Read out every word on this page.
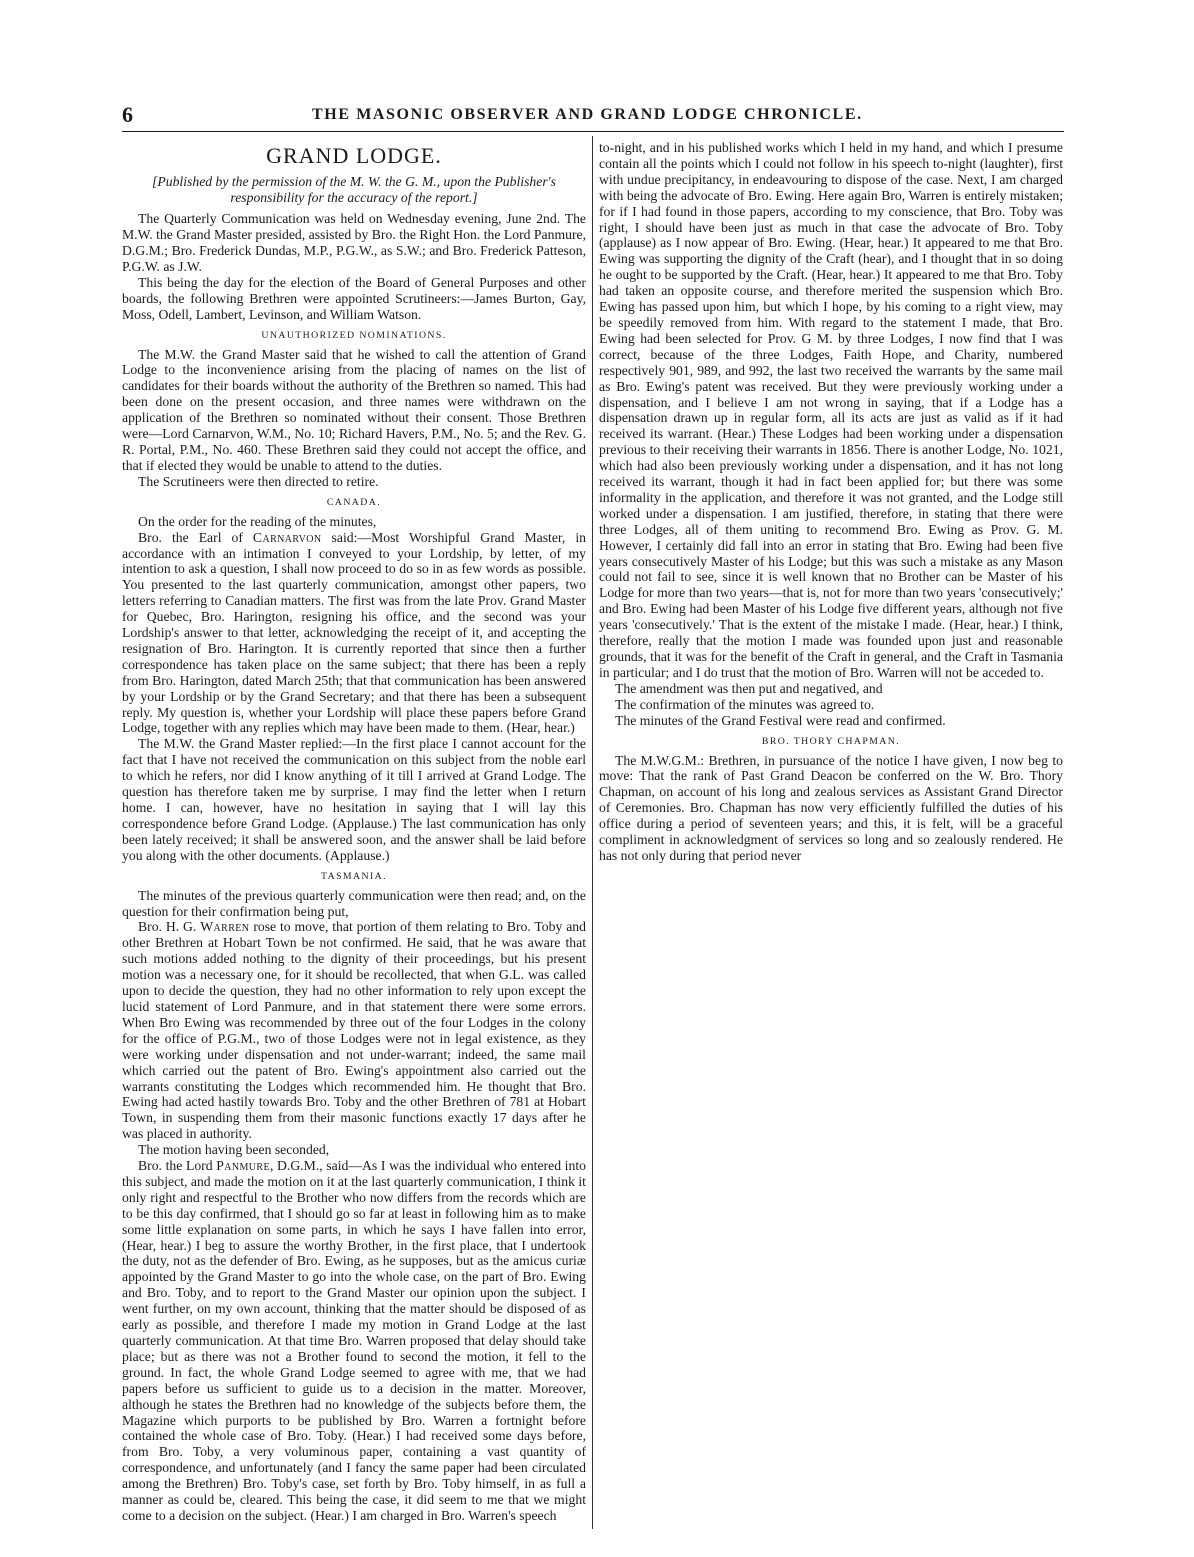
6	THE MASONIC OBSERVER AND GRAND LODGE CHRONICLE.
GRAND LODGE.
[Published by the permission of the M. W. the G. M., upon the Publisher's responsibility for the accuracy of the report.]

The Quarterly Communication was held on Wednesday evening, June 2nd. The M.W. the Grand Master presided, assisted by Bro. the Right Hon. the Lord Panmure, D.G.M.; Bro. Frederick Dundas, M.P., P.G.W., as S.W.; and Bro. Frederick Patteson, P.G.W. as J.W.

This being the day for the election of the Board of General Purposes and other boards, the following Brethren were appointed Scrutineers:—James Burton, Gay, Moss, Odell, Lambert, Levinson, and William Watson.

UNAUTHORIZED NOMINATIONS.

The M.W. the Grand Master said that he wished to call the attention of Grand Lodge to the inconvenience arising from the placing of names on the list of candidates for their boards without the authority of the Brethren so named. This had been done on the present occasion, and three names were withdrawn on the application of the Brethren so nominated without their consent. Those Brethren were—Lord Carnarvon, W.M., No. 10; Richard Havers, P.M., No. 5; and the Rev. G. R. Portal, P.M., No. 460. These Brethren said they could not accept the office, and that if elected they would be unable to attend to the duties.

The Scrutineers were then directed to retire.

CANADA.

On the order for the reading of the minutes,

Bro. the Earl of Carnarvon said:—Most Worshipful Grand Master, in accordance with an intimation I conveyed to your Lordship, by letter, of my intention to ask a question, I shall now proceed to do so in as few words as possible. You presented to the last quarterly communication, amongst other papers, two letters referring to Canadian matters. The first was from the late Prov. Grand Master for Quebec, Bro. Harington, resigning his office, and the second was your Lordship's answer to that letter, acknowledging the receipt of it, and accepting the resignation of Bro. Harington. It is currently reported that since then a further correspondence has taken place on the same subject; that there has been a reply from Bro. Harington, dated March 25th; that that communication has been answered by your Lordship or by the Grand Secretary; and that there has been a subsequent reply. My question is, whether your Lordship will place these papers before Grand Lodge, together with any replies which may have been made to them. (Hear, hear.)

The M.W. the Grand Master replied:—In the first place I cannot account for the fact that I have not received the communication on this subject from the noble earl to which he refers, nor did I know anything of it till I arrived at Grand Lodge. The question has therefore taken me by surprise. I may find the letter when I return home. I can, however, have no hesitation in saying that I will lay this correspondence before Grand Lodge. (Applause.) The last communication has only been lately received; it shall be answered soon, and the answer shall be laid before you along with the other documents. (Applause.)

TASMANIA.

The minutes of the previous quarterly communication were then read; and, on the question for their confirmation being put,

Bro. H. G. Warren rose to move, that portion of them relating to Bro. Toby and other Brethren at Hobart Town be not confirmed. He said, that he was aware that such motions added nothing to the dignity of their proceedings, but his present motion was a necessary one, for it should be recollected, that when G.L. was called upon to decide the question, they had no other information to rely upon except the lucid statement of Lord Panmure, and in that statement there were some errors. When Bro Ewing was recommended by three out of the four Lodges in the colony for the office of P.G.M., two of those Lodges were not in legal existence, as they were working under dispensation and not under-warrant; indeed, the same mail which carried out the patent of Bro. Ewing's appointment also carried out the warrants constituting the Lodges which recommended him. He thought that Bro. Ewing had acted hastily towards Bro. Toby and the other Brethren of 781 at Hobart Town, in suspending them from their masonic functions exactly 17 days after he was placed in authority.

The motion having been seconded,

Bro. the Lord Panmure, D.G.M., said—As I was the individual who entered into this subject, and made the motion on it at the last quarterly communication, I think it only right and respectful to the Brother who now differs from the records which are to be this day confirmed, that I should go so far at least in following him as to make some little explanation on some parts, in which he says I have fallen into error, (Hear, hear.) I beg to assure the worthy Brother, in the first place, that I undertook the duty, not as the defender of Bro. Ewing, as he supposes, but as the amicus curiæ appointed by the Grand Master to go into the whole case, on the part of Bro. Ewing and Bro. Toby, and to report to the Grand Master our opinion upon the subject. I went further, on my own account, thinking that the matter should be disposed of as early as possible, and therefore I made my motion in Grand Lodge at the last quarterly communication. At that time Bro. Warren proposed that delay should take place; but as there was not a Brother found to second the motion, it fell to the ground. In fact, the whole Grand Lodge seemed to agree with me, that we had papers before us sufficient to guide us to a decision in the matter. Moreover, although he states the Brethren had no knowledge of the subjects before them, the Magazine which purports to be published by Bro. Warren a fortnight before contained the whole case of Bro. Toby. (Hear.) I had received some days before, from Bro. Toby, a very voluminous paper, containing a vast quantity of correspondence, and unfortunately (and I fancy the same paper had been circulated among the Brethren) Bro. Toby's case, set forth by Bro. Toby himself, in as full a manner as could be, cleared. This being the case, it did seem to me that we might come to a decision on the subject. (Hear.) I am charged in Bro. Warren's speech

to-night, and in his published works which I held in my hand, and which I presume contain all the points which I could not follow in his speech to-night (laughter), first with undue precipitancy, in endeavouring to dispose of the case. Next, I am charged with being the advocate of Bro. Ewing. Here again Bro, Warren is entirely mistaken; for if I had found in those papers, according to my conscience, that Bro. Toby was right, I should have been just as much in that case the advocate of Bro. Toby (applause) as I now appear of Bro. Ewing. (Hear, hear.) It appeared to me that Bro. Ewing was supporting the dignity of the Craft (hear), and I thought that in so doing he ought to be supported by the Craft. (Hear, hear.) It appeared to me that Bro. Toby had taken an opposite course, and therefore merited the suspension which Bro. Ewing has passed upon him, but which I hope, by his coming to a right view, may be speedily removed from him. With regard to the statement I made, that Bro. Ewing had been selected for Prov. G M. by three Lodges, I now find that I was correct, because of the three Lodges, Faith Hope, and Charity, numbered respectively 901, 989, and 992, the last two received the warrants by the same mail as Bro. Ewing's patent was received. But they were previously working under a dispensation, and I believe I am not wrong in saying, that if a Lodge has a dispensation drawn up in regular form, all its acts are just as valid as if it had received its warrant. (Hear.) These Lodges had been working under a dispensation previous to their receiving their warrants in 1856. There is another Lodge, No. 1021, which had also been previously working under a dispensation, and it has not long received its warrant, though it had in fact been applied for; but there was some informality in the application, and therefore it was not granted, and the Lodge still worked under a dispensation. I am justified, therefore, in stating that there were three Lodges, all of them uniting to recommend Bro. Ewing as Prov. G. M. However, I certainly did fall into an error in stating that Bro. Ewing had been five years consecutively Master of his Lodge; but this was such a mistake as any Mason could not fail to see, since it is well known that no Brother can be Master of his Lodge for more than two years—that is, not for more than two years 'consecutively;' and Bro. Ewing had been Master of his Lodge five different years, although not five years 'consecutively.' That is the extent of the mistake I made. (Hear, hear.) I think, therefore, really that the motion I made was founded upon just and reasonable grounds, that it was for the benefit of the Craft in general, and the Craft in Tasmania in particular; and I do trust that the motion of Bro. Warren will not be acceded to.

The amendment was then put and negatived, and

The confirmation of the minutes was agreed to.

The minutes of the Grand Festival were read and confirmed.

BRO. THORY CHAPMAN.

The M.W.G.M.: Brethren, in pursuance of the notice I have given, I now beg to move: That the rank of Past Grand Deacon be conferred on the W. Bro. Thory Chapman, on account of his long and zealous services as Assistant Grand Director of Ceremonies. Bro. Chapman has now very efficiently fulfilled the duties of his office during a period of seventeen years; and this, it is felt, will be a graceful compliment in acknowledgment of services so long and so zealously rendered. He has not only during that period never
